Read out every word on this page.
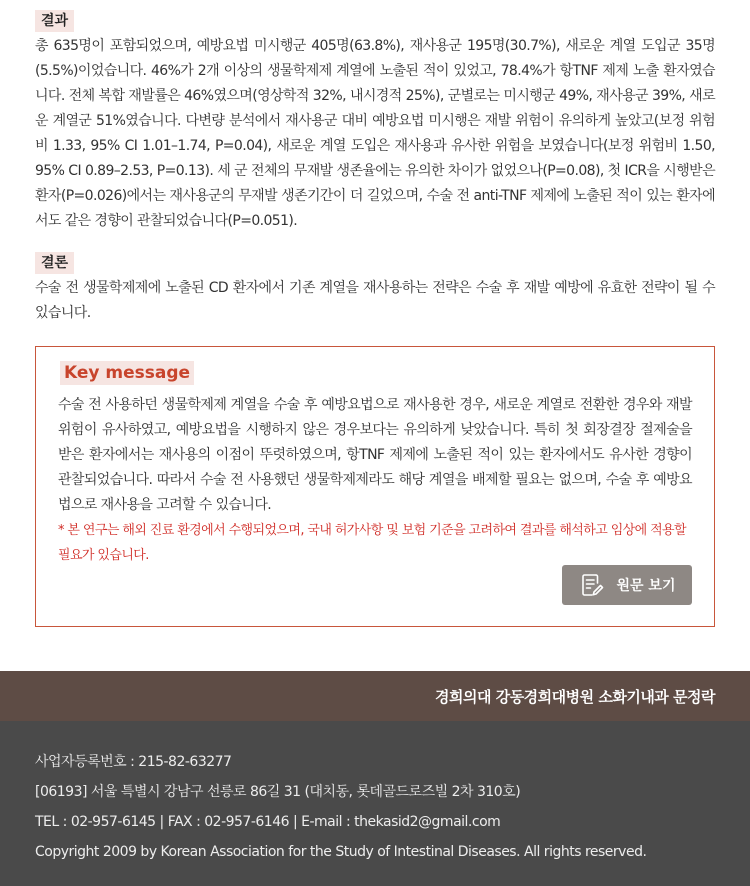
결과

총 635명이 포함되었으며, 예방요법 미시행군 405명(63.8%), 재사용군 195명(30.7%), 새로운 계열 도입군 35명(5.5%)이었습니다. 46%가 2개 이상의 생물학제제 계열에 노출된 적이 있었고, 78.4%가 항TNF 제제 노출 환자였습니다. 전체 복합 재발률은 46%였으며(영상학적 32%, 내시경적 25%), 군별로는 미시행군 49%, 재사용군 39%, 새로운 계열군 51%였습니다. 다변량 분석에서 재사용군 대비 예방요법 미시행은 재발 위험이 유의하게 높았고(보정 위험비 1.33, 95% CI 1.01–1.74, P=0.04), 새로운 계열 도입은 재사용과 유사한 위험을 보였습니다(보정 위험비 1.50, 95% CI 0.89–2.53, P=0.13). 세 군 전체의 무재발 생존율에는 유의한 차이가 없었으나(P=0.08), 첫 ICR을 시행받은 환자(P=0.026)에서는 재사용군의 무재발 생존기간이 더 길었으며, 수술 전 anti-TNF 제제에 노출된 적이 있는 환자에서도 같은 경향이 관찰되었습니다(P=0.051).

결론

수술 전 생물학제제에 노출된 CD 환자에서 기존 계열을 재사용하는 전략은 수술 후 재발 예방에 유효한 전략이 될 수 있습니다.

Key message

수술 전 사용하던 생물학제제 계열을 수술 후 예방요법으로 재사용한 경우, 새로운 계열로 전환한 경우와 재발 위험이 유사하였고, 예방요법을 시행하지 않은 경우보다는 유의하게 낮았습니다. 특히 첫 회장결장 절제술을 받은 환자에서는 재사용의 이점이 뚜렷하였으며, 항TNF 제제에 노출된 적이 있는 환자에서도 유사한 경향이 관찰되었습니다. 따라서 수술 전 사용했던 생물학제제라도 해당 계열을 배제할 필요는 없으며, 수술 후 예방요법으로 재사용을 고려할 수 있습니다.

* 본 연구는 해외 진료 환경에서 수행되었으며, 국내 허가사항 및 보험 기준을 고려하여 결과를 해석하고 임상에 적용할 필요가 있습니다.

원문 보기
경희의대 강동경희대병원 소화기내과 문정락
사업자등록번호 : 215-82-63277
[06193] 서울 특별시 강남구 선릉로 86길 31 (대치동, 롯데골드로즈빌 2차 310호)
TEL : 02-957-6145 | FAX : 02-957-6146 | E-mail : thekasid2@gmail.com
Copyright 2009 by Korean Association for the Study of Intestinal Diseases. All rights reserved.
